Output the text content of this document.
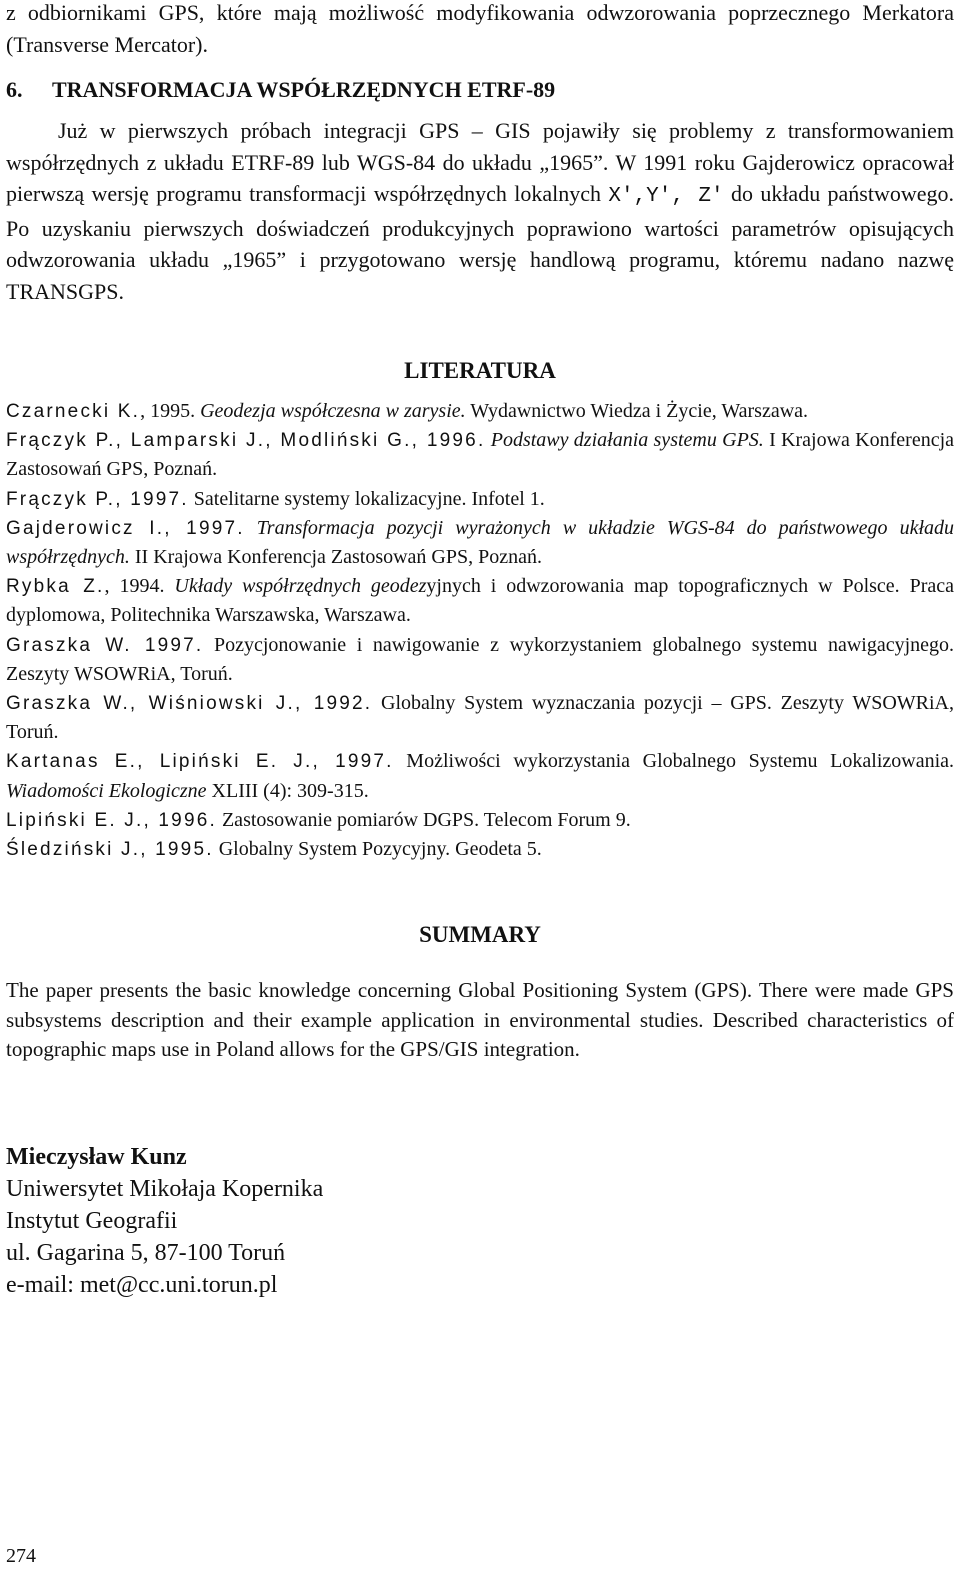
z odbiornikami GPS, które mają możliwość modyfikowania odwzorowania poprzecznego Merkatora (Transverse Mercator).

6. TRANSFORMACJA WSPÓŁRZĘDNYCH ETRF-89

Już w pierwszych próbach integracji GPS – GIS pojawiły się problemy z transformowaniem współrzędnych z układu ETRF-89 lub WGS-84 do układu „1965”. W 1991 roku Gajderowicz opracował pierwszą wersję programu transformacji współrzędnych lokalnych X',Y', Z' do układu państwowego. Po uzyskaniu pierwszych doświadczeń produkcyjnych poprawiono wartości parametrów opisujących odwzorowania układu „1965” i przygotowano wersję handlową programu, któremu nadano nazwę TRANSGPS.

LITERATURA

Czarnecki K., 1995. Geodezja współczesna w zarysie. Wydawnictwo Wiedza i Życie, Warszawa.

Frączyk P., Lamparski J., Modliński G., 1996. Podstawy działania systemu GPS. I Krajowa Konferencja Zastosowań GPS, Poznań.

Frączyk P., 1997. Satelitarne systemy lokalizacyjne. Infotel 1.

Gajderowicz I., 1997. Transformacja pozycji wyrażonych w układzie WGS-84 do państwowego układu współrzędnych. II Krajowa Konferencja Zastosowań GPS, Poznań.

Rybka Z., 1994. Układy współrzędnych geodezyjnych i odwzorowania map topograficznych w Polsce. Praca dyplomowa, Politechnika Warszawska, Warszawa.

Graszka W. 1997. Pozycjonowanie i nawigowanie z wykorzystaniem globalnego systemu nawigacyjnego. Zeszyty WSOWRiA, Toruń.

Graszka W., Wiśniowski J., 1992. Globalny System wyznaczania pozycji – GPS. Zeszyty WSOWRiA, Toruń.

Kartanas E., Lipiński E. J., 1997. Możliwości wykorzystania Globalnego Systemu Lokalizowania. Wiadomości Ekologiczne XLIII (4): 309-315.

Lipiński E. J., 1996. Zastosowanie pomiarów DGPS. Telecom Forum 9.

Śledziński J., 1995. Globalny System Pozycyjny. Geodeta 5.

SUMMARY

The paper presents the basic knowledge concerning Global Positioning System (GPS). There were made GPS subsystems description and their example application in environmental studies. Described characteristics of topographic maps use in Poland allows for the GPS/GIS integration.

Mieczysław Kunz

Uniwersytet Mikołaja Kopernika

Instytut Geografii

ul. Gagarina 5, 87-100 Toruń

e-mail: met@cc.uni.torun.pl

274
